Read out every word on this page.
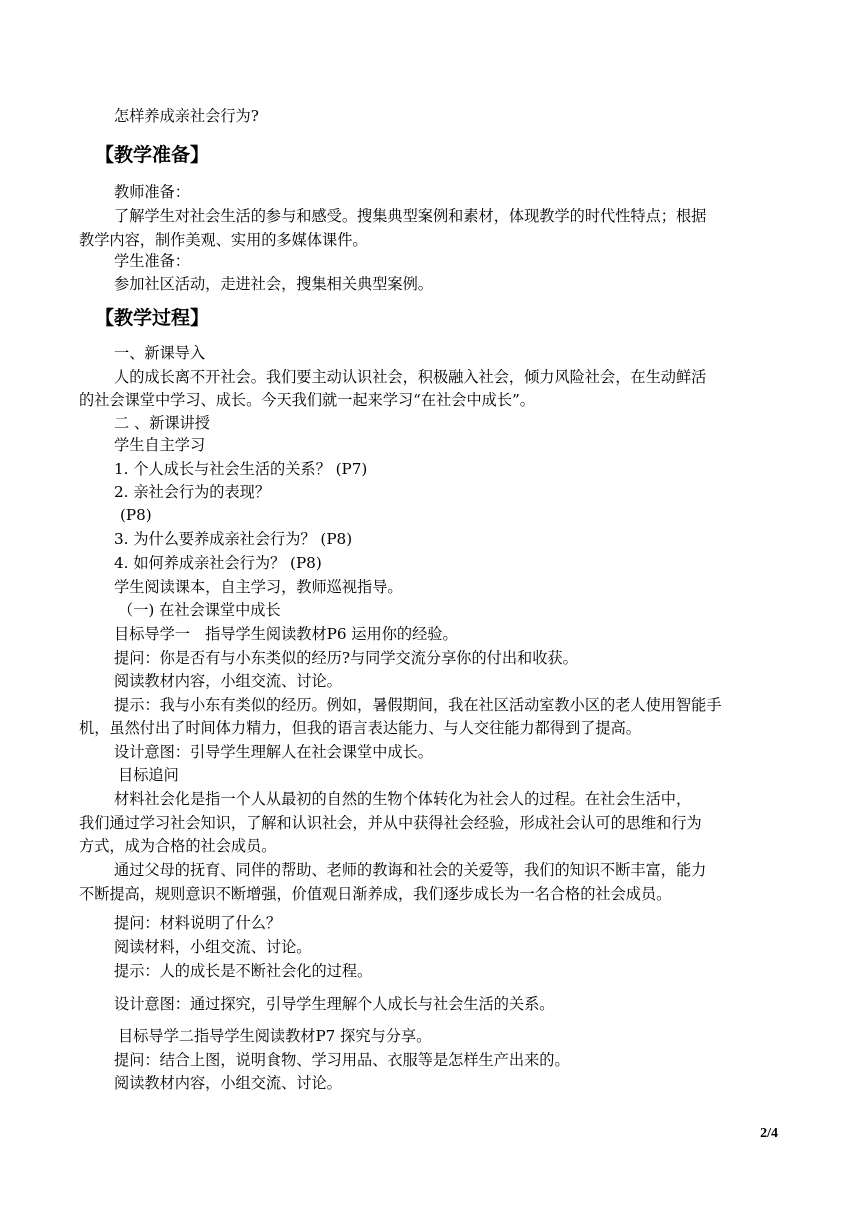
怎样养成亲社会行为?
【教学准备】
教师准备：
了解学生对社会生活的参与和感受。搜集典型案例和素材，体现教学的时代性特点；根据
教学内容，制作美观、实用的多媒体课件。
学生准备：
参加社区活动，走进社会，搜集相关典型案例。
【教学过程】
一、新课导入
人的成长离不开社会。我们要主动认识社会，积极融入社会，倾力风险社会，在生动鲜活
的社会课堂中学习、成长。今天我们就一起来学习“在社会中成长”。
二 、新课讲授
学生自主学习
1. 个人成长与社会生活的关系？ (P7)
2. 亲社会行为的表现？
(P8)
3. 为什么要养成亲社会行为？ (P8)
4. 如何养成亲社会行为？ (P8)
学生阅读课本，自主学习，教师巡视指导。
（一) 在社会课堂中成长
目标导学一　指导学生阅读教材P6 运用你的经验。
提问：你是否有与小东类似的经历?与同学交流分享你的付出和收获。
阅读教材内容，小组交流、讨论。
提示：我与小东有类似的经历。例如，暑假期间，我在社区活动室教小区的老人使用智能手
机，虽然付出了时间体力精力，但我的语言表达能力、与人交往能力都得到了提高。
设计意图：引导学生理解人在社会课堂中成长。
目标追问
材料社会化是指一个人从最初的自然的生物个体转化为社会人的过程。在社会生活中，
我们通过学习社会知识，了解和认识社会，并从中获得社会经验，形成社会认可的思维和行为
方式，成为合格的社会成员。
通过父母的抚育、同伴的帮助、老师的教诲和社会的关爱等，我们的知识不断丰富，能力
不断提高，规则意识不断增强，价值观日渐养成，我们逐步成长为一名合格的社会成员。
提问：材料说明了什么？
阅读材料，小组交流、讨论。
提示：人的成长是不断社会化的过程。
设计意图：通过探究，引导学生理解个人成长与社会生活的关系。
目标导学二指导学生阅读教材P7 探究与分享。
提问：结合上图，说明食物、学习用品、衣服等是怎样生产出来的。
阅读教材内容，小组交流、讨论。
2/4
